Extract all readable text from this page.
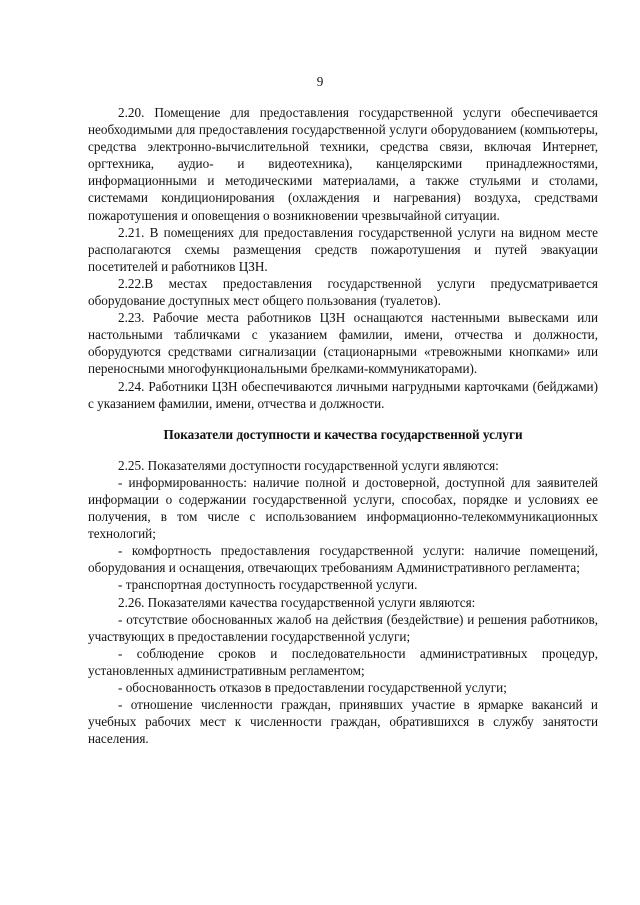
9

2.20. Помещение для предоставления государственной услуги обеспечивается необходимыми для предоставления государственной услуги оборудованием (компьютеры, средства электронно-вычислительной техники, средства связи, включая Интернет, оргтехника, аудио- и видеотехника), канцелярскими принадлежностями, информационными и методическими материалами, а также стульями и столами, системами кондиционирования (охлаждения и нагревания) воздуха, средствами пожаротушения и оповещения о возникновении чрезвычайной ситуации.

2.21. В помещениях для предоставления государственной услуги на видном месте располагаются схемы размещения средств пожаротушения и путей эвакуации посетителей и работников ЦЗН.

2.22.В местах предоставления государственной услуги предусматривается оборудование доступных мест общего пользования (туалетов).

2.23. Рабочие места работников ЦЗН оснащаются настенными вывесками или настольными табличками с указанием фамилии, имени, отчества и должности, оборудуются средствами сигнализации (стационарными «тревожными кнопками» или переносными многофункциональными брелками-коммуникаторами).

2.24. Работники ЦЗН обеспечиваются личными нагрудными карточками (бейджами) с указанием фамилии, имени, отчества и должности.

Показатели доступности и качества государственной услуги

2.25. Показателями доступности государственной услуги являются:

- информированность: наличие полной и достоверной, доступной для заявителей информации о содержании государственной услуги, способах, порядке и условиях ее получения, в том числе с использованием информационно-телекоммуникационных технологий;

- комфортность предоставления государственной услуги: наличие помещений, оборудования и оснащения, отвечающих требованиям Административного регламента;

- транспортная доступность государственной услуги.

2.26. Показателями качества государственной услуги являются:

- отсутствие обоснованных жалоб на действия (бездействие) и решения работников, участвующих в предоставлении государственной услуги;

- соблюдение сроков и последовательности административных процедур, установленных административным регламентом;

- обоснованность отказов в предоставлении государственной услуги;

- отношение численности граждан, принявших участие в ярмарке вакансий и учебных рабочих мест к численности граждан, обратившихся в службу занятости населения.
